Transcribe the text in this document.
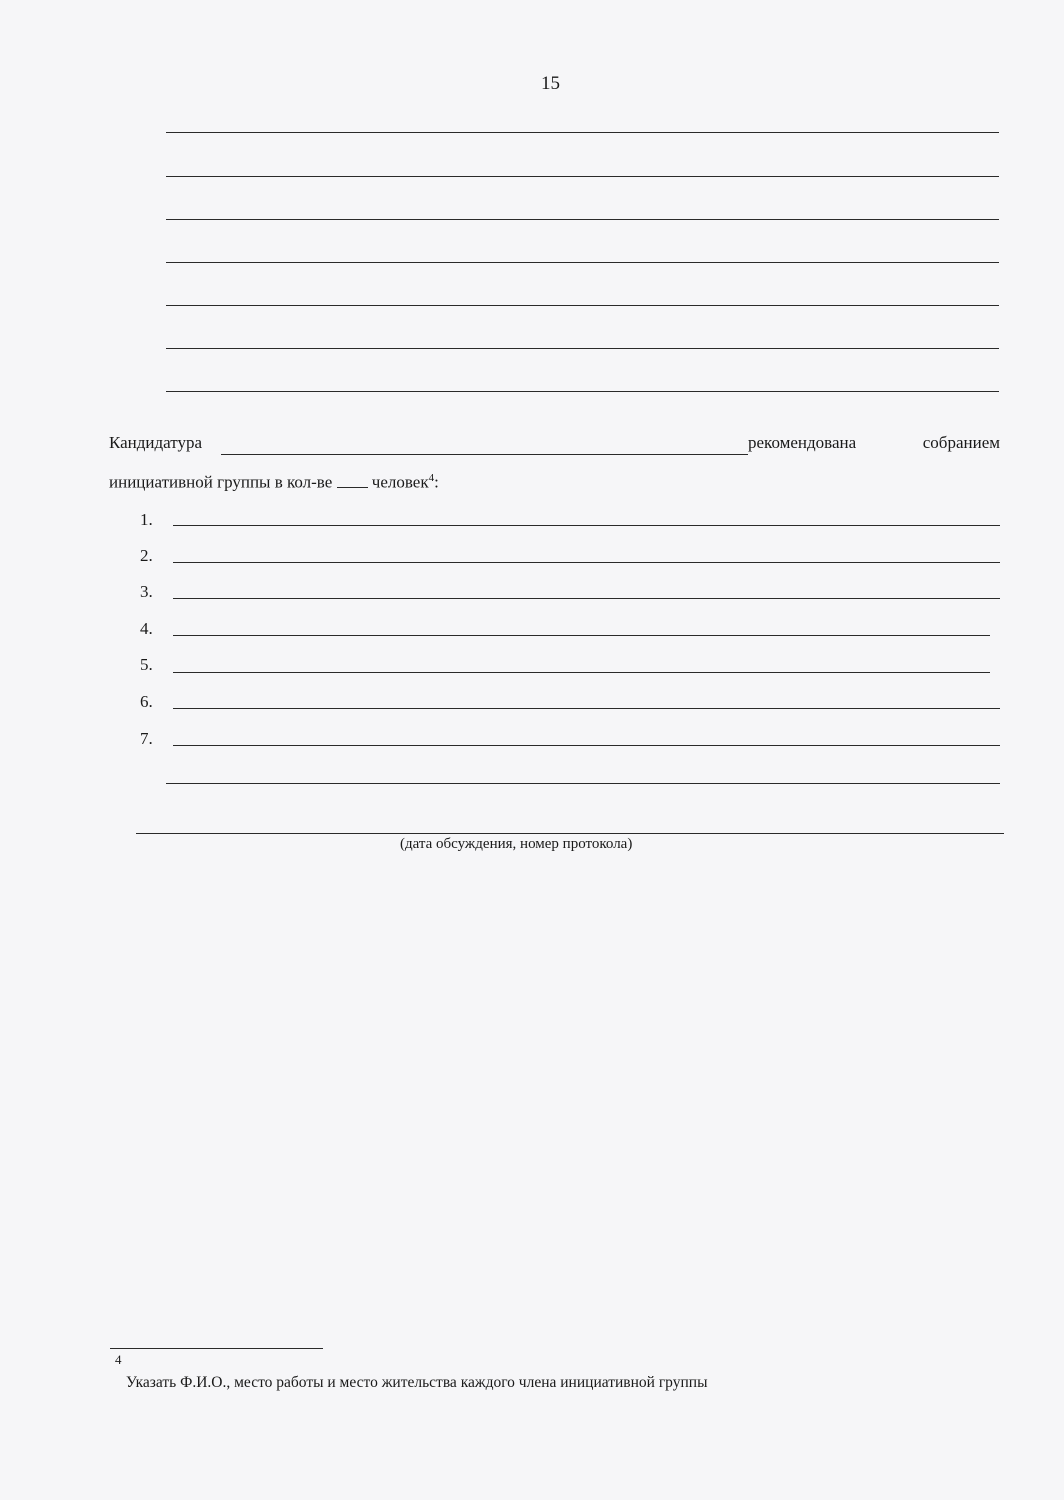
15
Кандидатура	рекомендована собранием
инициативной группы в кол-ве человек$^4$:
1.
2.
3.
4.
5.
6.
7.
(дата обсуждения, номер протокола)
4
Указать Ф.И.О., место работы и место жительства каждого члена инициативной группы
